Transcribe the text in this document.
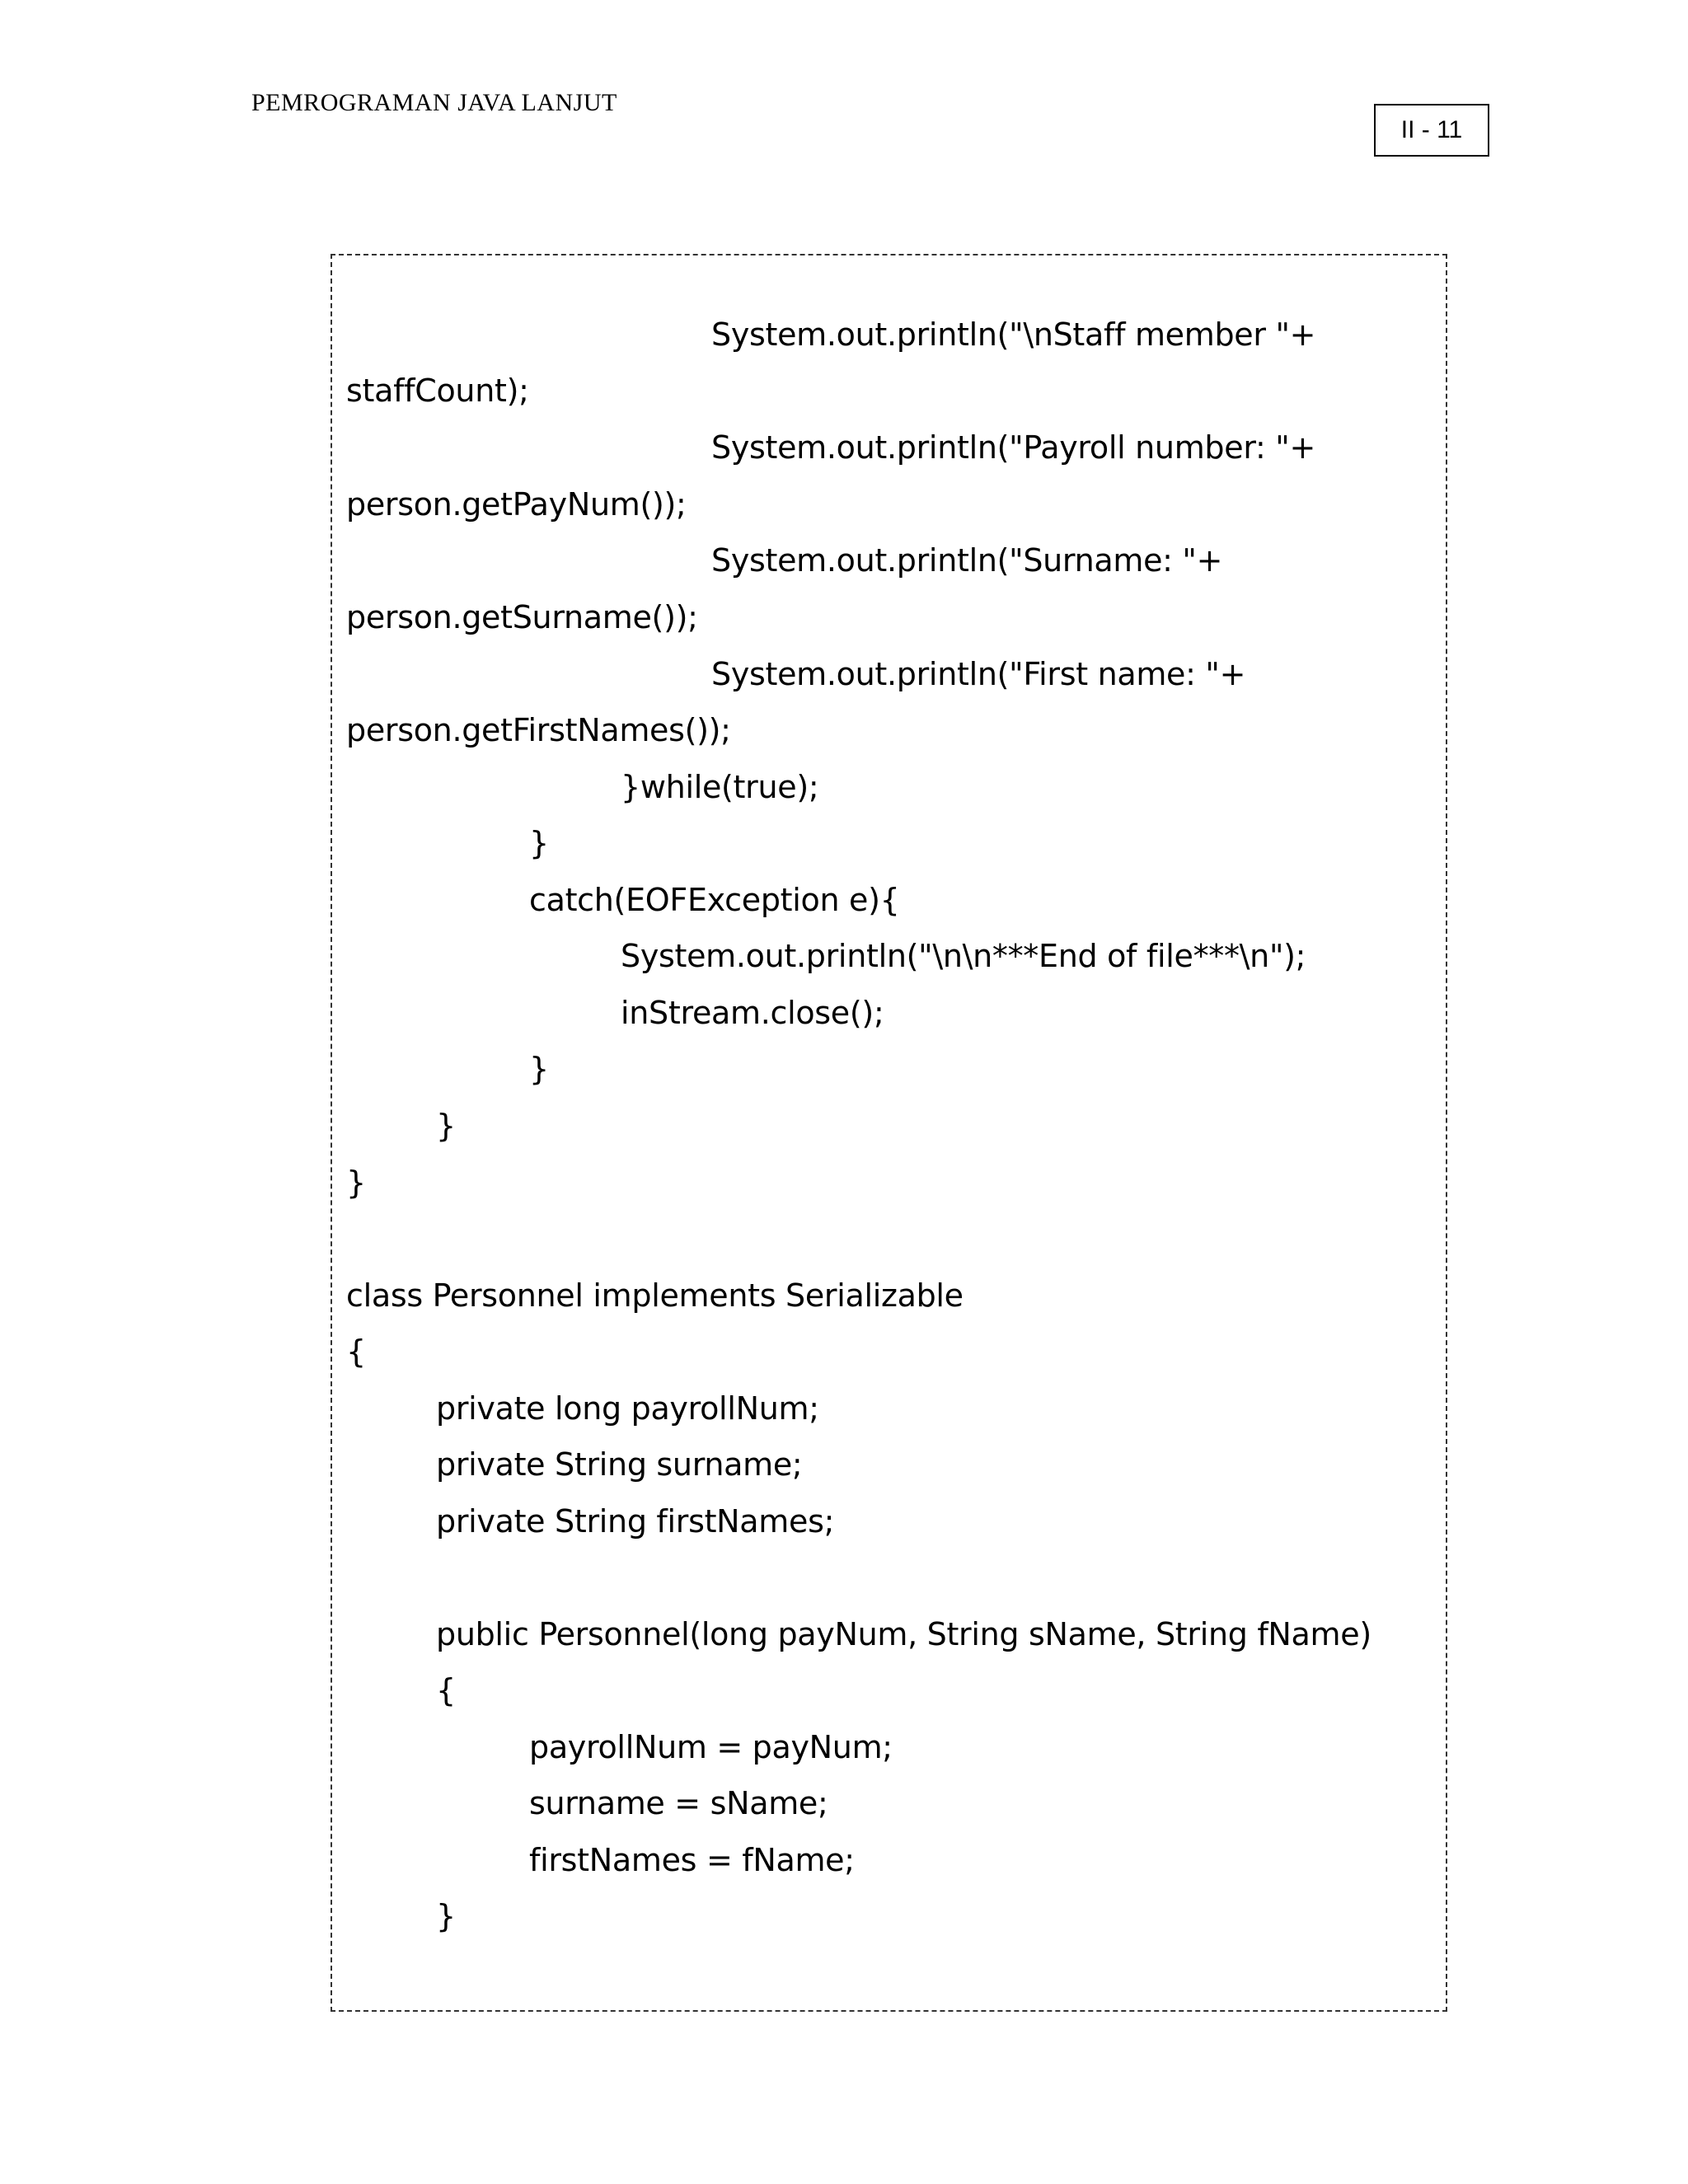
PEMROGRAMAN JAVA LANJUT
II - 11
System.out.println("\nStaff member "+
staffCount);
System.out.println("Payroll number: "+
person.getPayNum());
System.out.println("Surname: "+
person.getSurname());
System.out.println("First name: "+
person.getFirstNames());
}while(true);
}
catch(EOFException e){
System.out.println("\n\n***End of file***\n");
inStream.close();
}
}
}
class Personnel implements Serializable
{
private long payrollNum;
private String surname;
private String firstNames;
public Personnel(long payNum, String sName, String fName)
{
payrollNum = payNum;
surname = sName;
firstNames = fName;
}
